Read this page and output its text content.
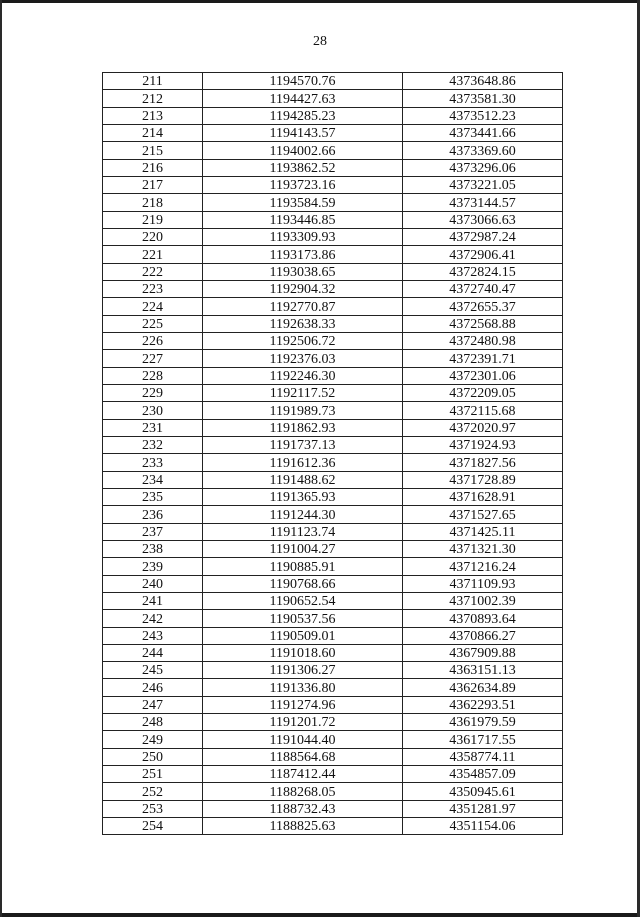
28
211	1194570.76	4373648.86
212	1194427.63	4373581.30
213	1194285.23	4373512.23
214	1194143.57	4373441.66
215	1194002.66	4373369.60
216	1193862.52	4373296.06
217	1193723.16	4373221.05
218	1193584.59	4373144.57
219	1193446.85	4373066.63
220	1193309.93	4372987.24
221	1193173.86	4372906.41
222	1193038.65	4372824.15
223	1192904.32	4372740.47
224	1192770.87	4372655.37
225	1192638.33	4372568.88
226	1192506.72	4372480.98
227	1192376.03	4372391.71
228	1192246.30	4372301.06
229	1192117.52	4372209.05
230	1191989.73	4372115.68
231	1191862.93	4372020.97
232	1191737.13	4371924.93
233	1191612.36	4371827.56
234	1191488.62	4371728.89
235	1191365.93	4371628.91
236	1191244.30	4371527.65
237	1191123.74	4371425.11
238	1191004.27	4371321.30
239	1190885.91	4371216.24
240	1190768.66	4371109.93
241	1190652.54	4371002.39
242	1190537.56	4370893.64
243	1190509.01	4370866.27
244	1191018.60	4367909.88
245	1191306.27	4363151.13
246	1191336.80	4362634.89
247	1191274.96	4362293.51
248	1191201.72	4361979.59
249	1191044.40	4361717.55
250	1188564.68	4358774.11
251	1187412.44	4354857.09
252	1188268.05	4350945.61
253	1188732.43	4351281.97
254	1188825.63	4351154.06
